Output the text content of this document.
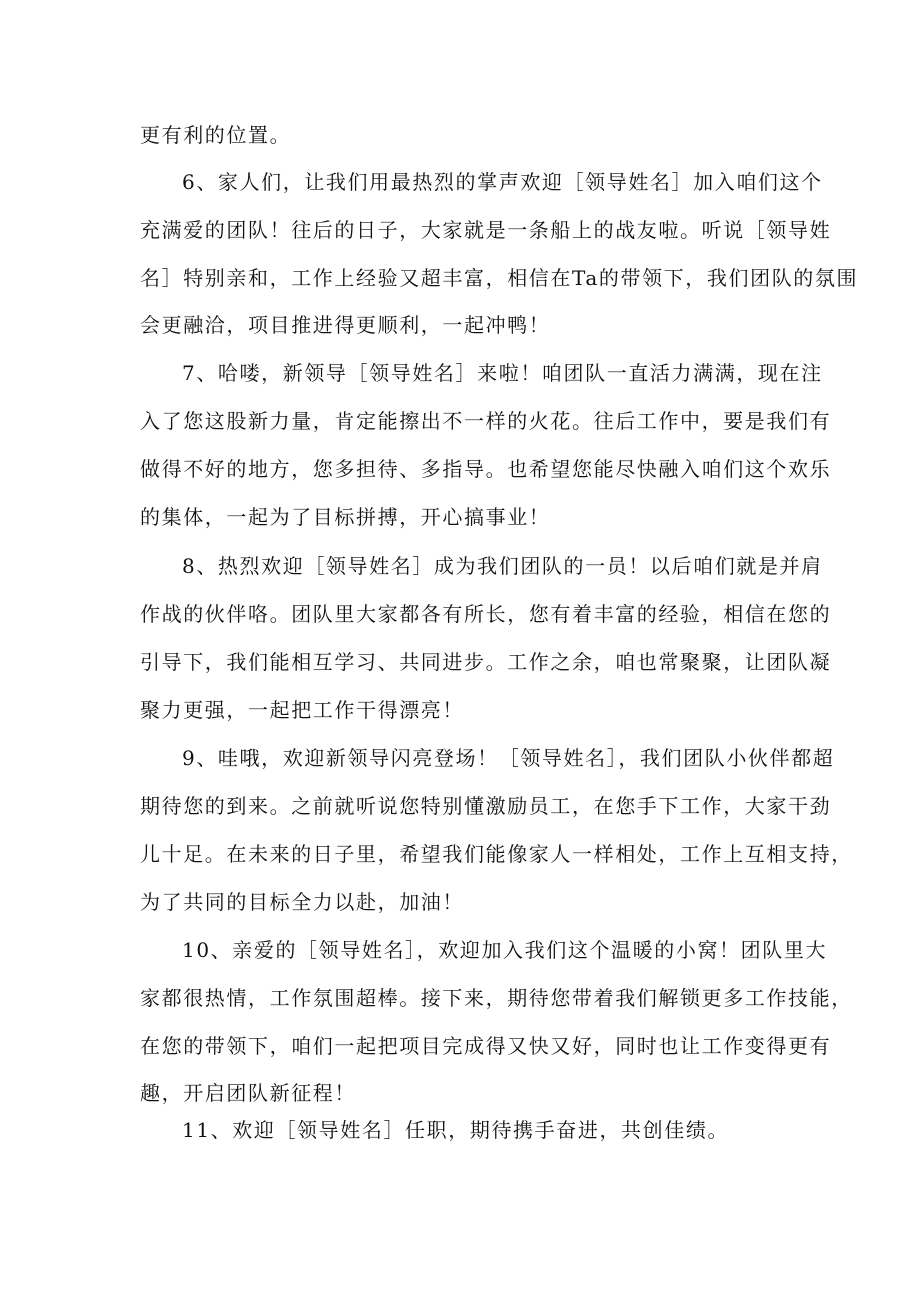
更有利的位置。
6、家人们，让我们用最热烈的掌声欢迎［领导姓名］加入咱们这个
充满爱的团队！往后的日子，大家就是一条船上的战友啦。听说［领导姓
名］特别亲和，工作上经验又超丰富，相信在Ta的带领下，我们团队的氛围
会更融洽，项目推进得更顺利，一起冲鸭！
7、哈喽，新领导［领导姓名］来啦！咱团队一直活力满满，现在注
入了您这股新力量，肯定能擦出不一样的火花。往后工作中，要是我们有
做得不好的地方，您多担待、多指导。也希望您能尽快融入咱们这个欢乐
的集体，一起为了目标拼搏，开心搞事业！
8、热烈欢迎［领导姓名］成为我们团队的一员！以后咱们就是并肩
作战的伙伴咯。团队里大家都各有所长，您有着丰富的经验，相信在您的
引导下，我们能相互学习、共同进步。工作之余，咱也常聚聚，让团队凝
聚力更强，一起把工作干得漂亮！
9、哇哦，欢迎新领导闪亮登场！［领导姓名］，我们团队小伙伴都超
期待您的到来。之前就听说您特别懂激励员工，在您手下工作，大家干劲
儿十足。在未来的日子里，希望我们能像家人一样相处，工作上互相支持，
为了共同的目标全力以赴，加油！
10、亲爱的［领导姓名］，欢迎加入我们这个温暖的小窝！团队里大
家都很热情，工作氛围超棒。接下来，期待您带着我们解锁更多工作技能，
在您的带领下，咱们一起把项目完成得又快又好，同时也让工作变得更有
趣，开启团队新征程！
11、欢迎［领导姓名］任职，期待携手奋进，共创佳绩。
